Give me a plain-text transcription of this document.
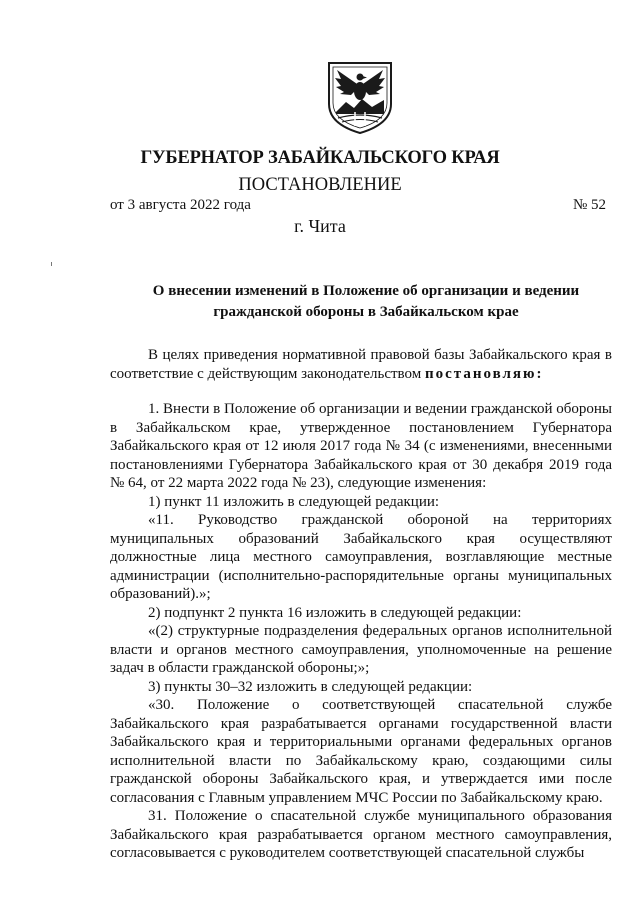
ГУБЕРНАТОР ЗАБАЙКАЛЬСКОГО КРАЯ
ПОСТАНОВЛЕНИЕ
от 3 августа 2022 года	№ 52
г. Чита
О внесении изменений в Положение об организации и ведении
гражданской обороны в Забайкальском крае

В целях приведения нормативной правовой базы Забайкальского края в соответствие с действующим законодательством постановляю:

1. Внести в Положение об организации и ведении гражданской обороны в Забайкальском крае, утвержденное постановлением Губернатора Забайкальского края от 12 июля 2017 года № 34 (с изменениями, внесенными постановлениями Губернатора Забайкальского края от 30 декабря 2019 года № 64, от 22 марта 2022 года № 23), следующие изменения:

1) пункт 11 изложить в следующей редакции:

«11. Руководство гражданской обороной на территориях муниципальных образований Забайкальского края осуществляют должностные лица местного самоуправления, возглавляющие местные администрации (исполнительно-распорядительные органы муниципальных образований).»;

2) подпункт 2 пункта 16 изложить в следующей редакции:

«(2) структурные подразделения федеральных органов исполнительной власти и органов местного самоуправления, уполномоченные на решение задач в области гражданской обороны;»;

3) пункты 30–32 изложить в следующей редакции:

«30. Положение о соответствующей спасательной службе Забайкальского края разрабатывается органами государственной власти Забайкальского края и территориальными органами федеральных органов исполнительной власти по Забайкальскому краю, создающими силы гражданской обороны Забайкальского края, и утверждается ими после согласования с Главным управлением МЧС России по Забайкальскому краю.

31. Положение о спасательной службе муниципального образования Забайкальского края разрабатывается органом местного самоуправления, согласовывается с руководителем соответствующей спасательной службы
